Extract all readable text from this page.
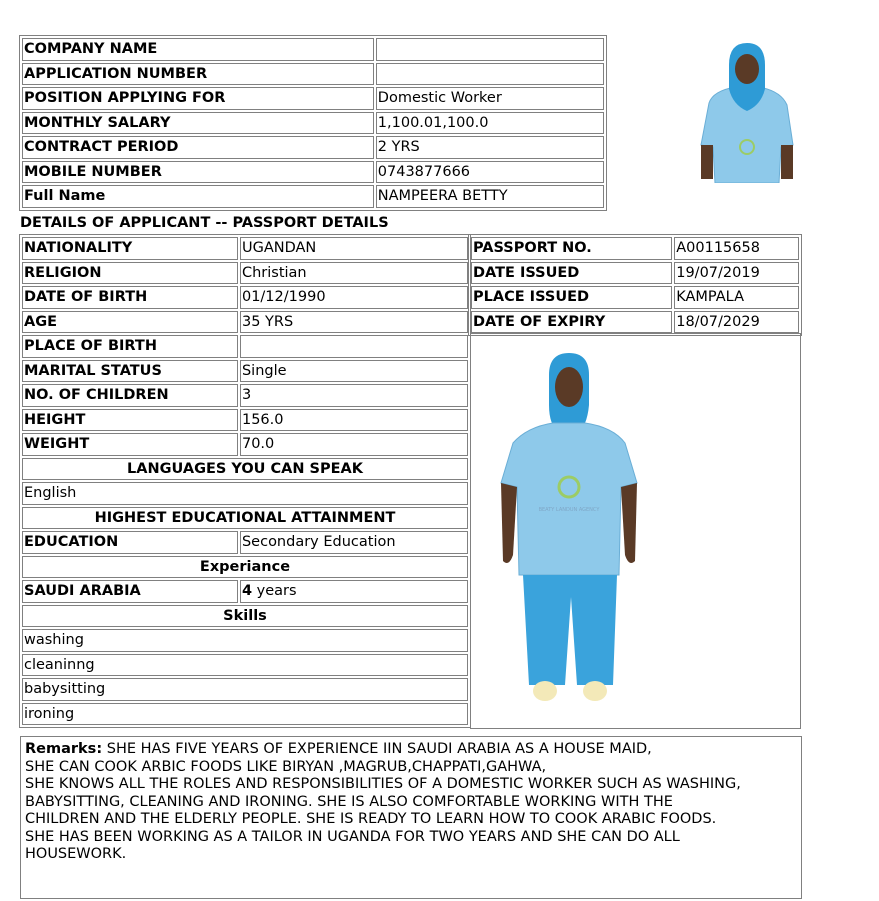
COMPANY NAME	
APPLICATION NUMBER	
POSITION APPLYING FOR	Domestic Worker
MONTHLY SALARY	1,100.01,100.0
CONTRACT PERIOD	2 YRS
MOBILE NUMBER	0743877666
Full Name	NAMPEERA BETTY
DETAILS OF APPLICANT -- PASSPORT DETAILS
NATIONALITY	UGANDAN
RELIGION	Christian
DATE OF BIRTH	01/12/1990
AGE	35 YRS
PLACE OF BIRTH	
MARITAL STATUS	Single
NO. OF CHILDREN	3
HEIGHT	156.0
WEIGHT	70.0
LANGUAGES YOU CAN SPEAK	
English	
HIGHEST EDUCATIONAL ATTAINMENT	
EDUCATION	Secondary Education
Experiance	
SAUDI ARABIA	4 years
Skills	
washing	
cleaninng	
babysitting	
ironing	
PASSPORT NO.	A00115658
DATE ISSUED	19/07/2019
PLACE ISSUED	KAMPALA
DATE OF EXPIRY	18/07/2029
BEATY LANDUN AGENCY
Remarks: SHE HAS FIVE YEARS OF EXPERIENCE IIN SAUDI ARABIA AS A HOUSE MAID,
SHE CAN COOK ARBIC FOODS LIKE BIRYAN ,MAGRUB,CHAPPATI,GAHWA,
SHE KNOWS ALL THE ROLES AND RESPONSIBILITIES OF A DOMESTIC WORKER SUCH AS WASHING,
BABYSITTING, CLEANING AND IRONING. SHE IS ALSO COMFORTABLE WORKING WITH THE
CHILDREN AND THE ELDERLY PEOPLE. SHE IS READY TO LEARN HOW TO COOK ARABIC FOODS.
SHE HAS BEEN WORKING AS A TAILOR IN UGANDA FOR TWO YEARS AND SHE CAN DO ALL
HOUSEWORK.
